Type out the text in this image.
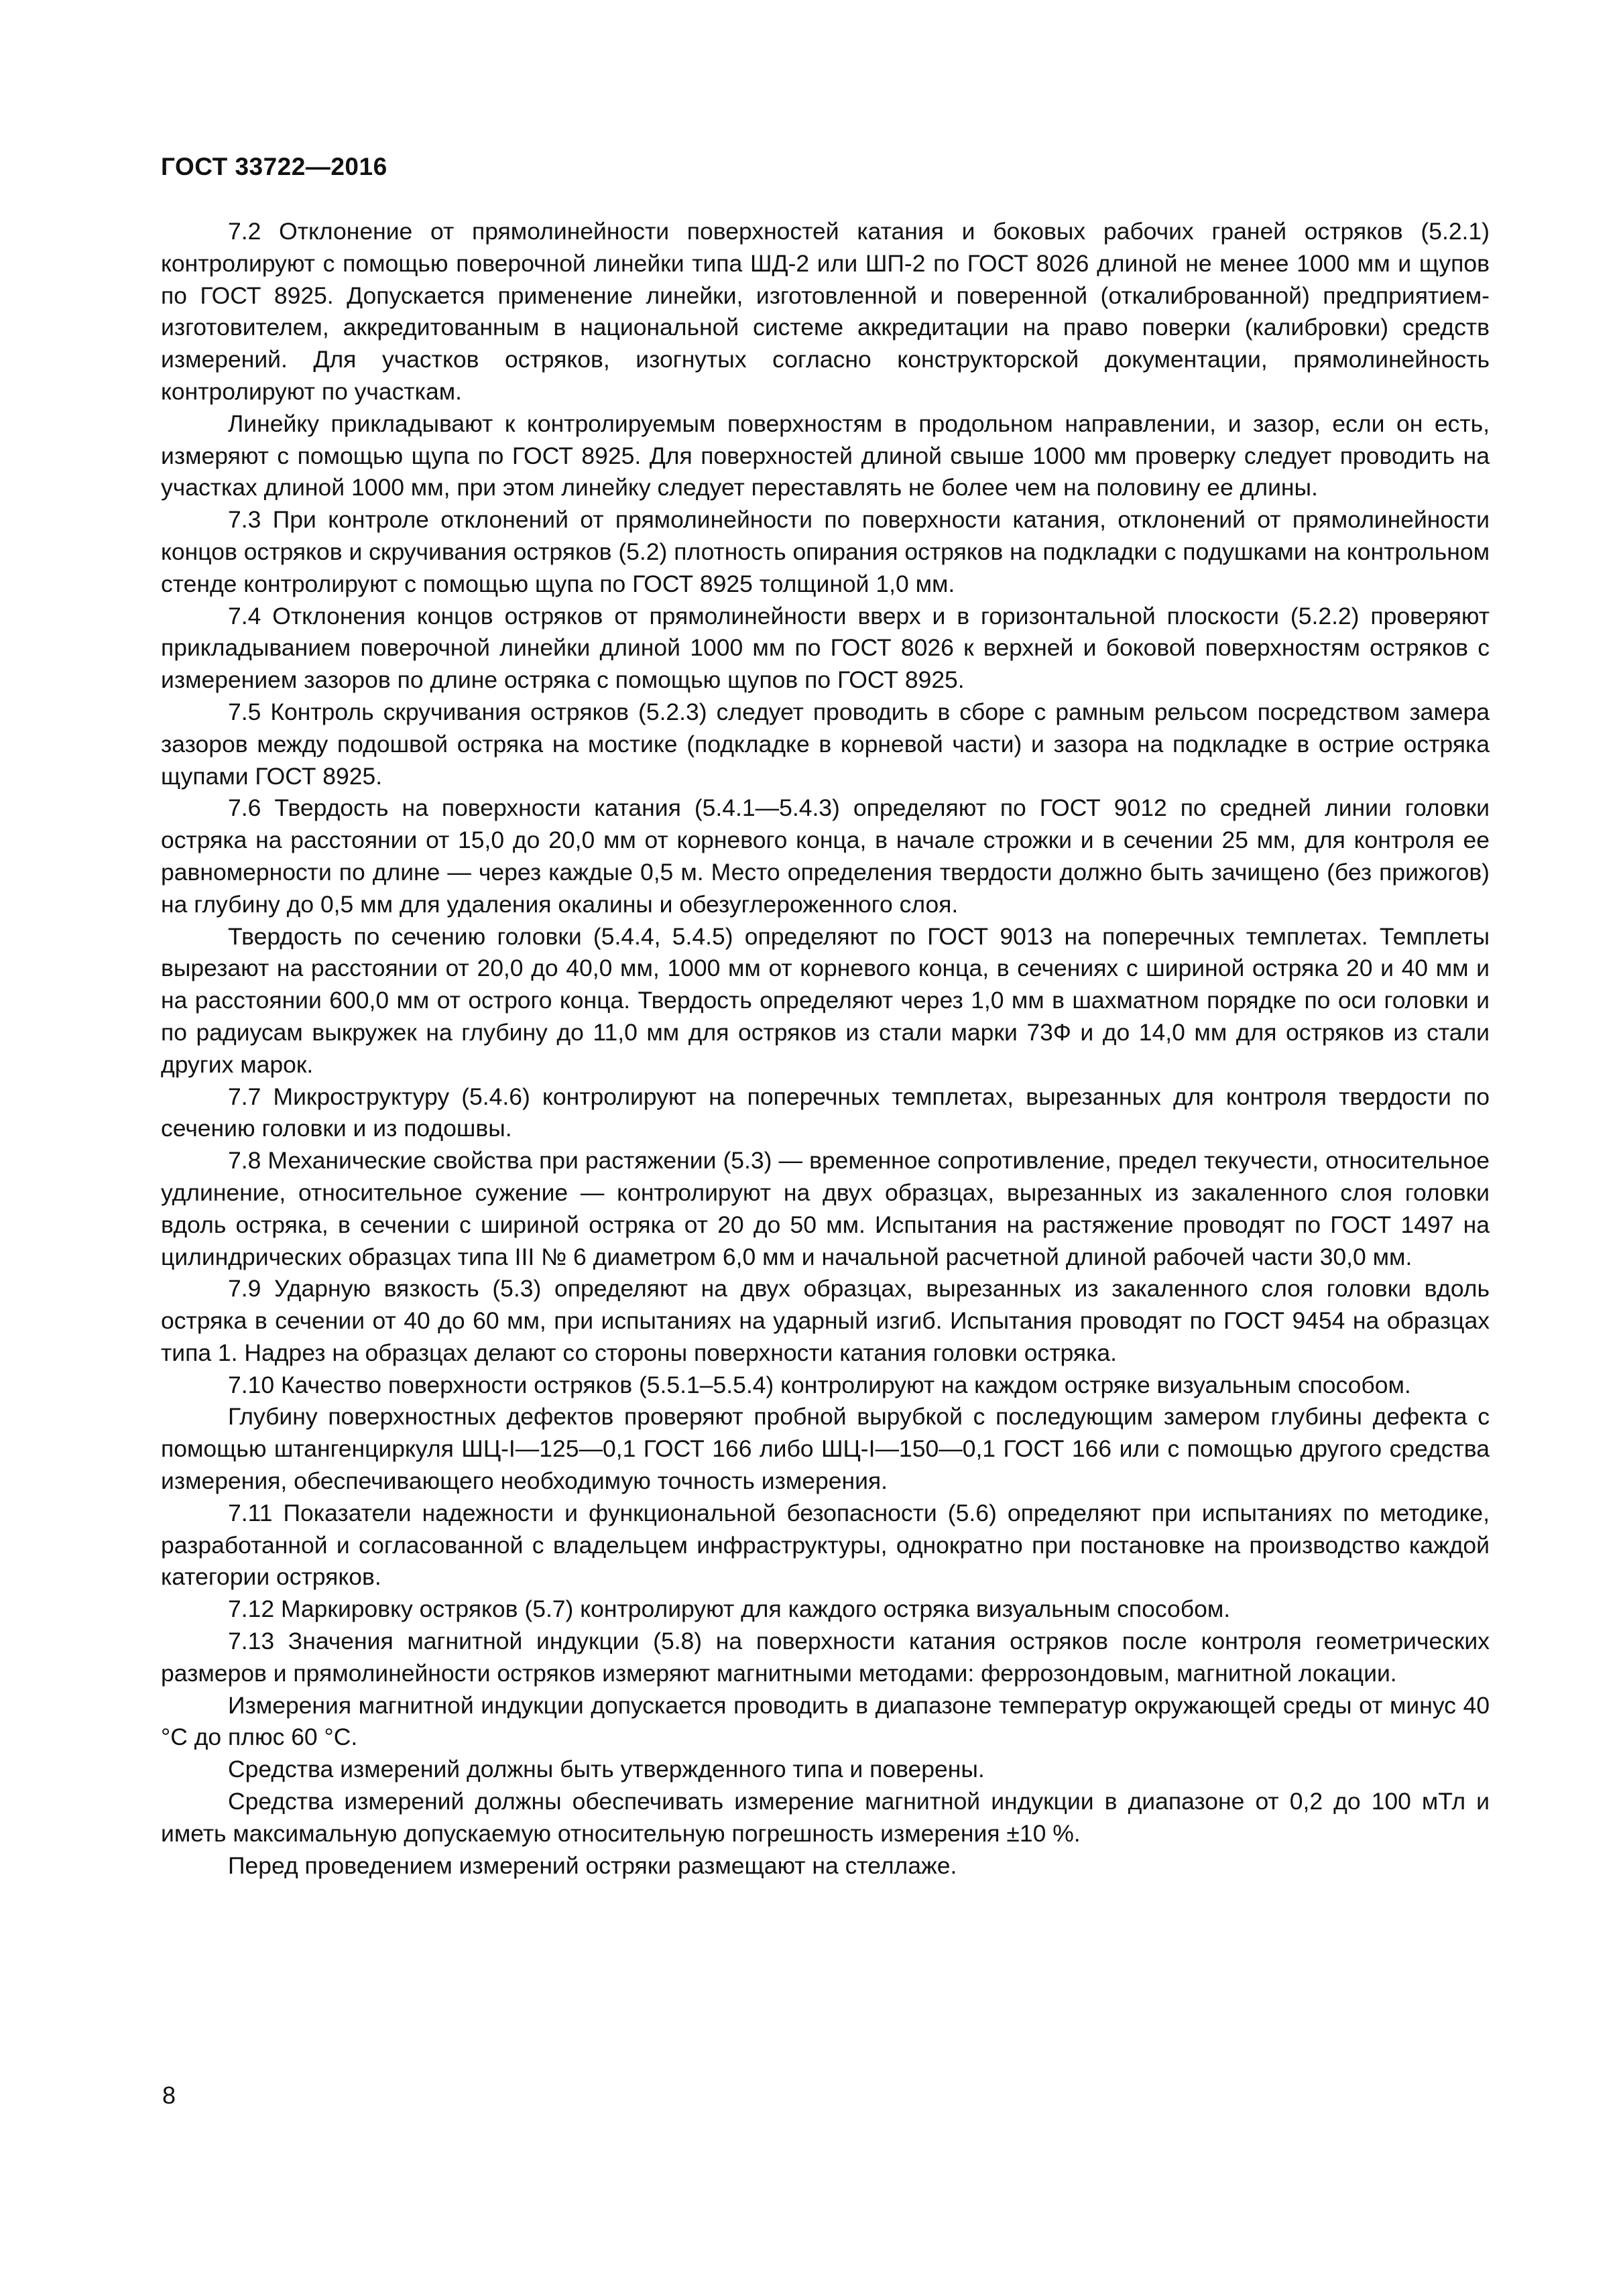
ГОСТ 33722—2016

7.2 Отклонение от прямолинейности поверхностей катания и боковых рабочих граней остряков (5.2.1) контролируют с помощью поверочной линейки типа ШД-2 или ШП-2 по ГОСТ 8026 длиной не менее 1000 мм и щупов по ГОСТ 8925. Допускается применение линейки, изготовленной и поверенной (откалиброванной) предприятием-изготовителем, аккредитованным в национальной системе аккредитации на право поверки (калибровки) средств измерений. Для участков остряков, изогнутых согласно конструкторской документации, прямолинейность контролируют по участкам.

Линейку прикладывают к контролируемым поверхностям в продольном направлении, и зазор, если он есть, измеряют с помощью щупа по ГОСТ 8925. Для поверхностей длиной свыше 1000 мм проверку следует проводить на участках длиной 1000 мм, при этом линейку следует переставлять не более чем на половину ее длины.

7.3 При контроле отклонений от прямолинейности по поверхности катания, отклонений от прямолинейности концов остряков и скручивания остряков (5.2) плотность опирания остряков на подкладки с подушками на контрольном стенде контролируют с помощью щупа по ГОСТ 8925 толщиной 1,0 мм.

7.4 Отклонения концов остряков от прямолинейности вверх и в горизонтальной плоскости (5.2.2) проверяют прикладыванием поверочной линейки длиной 1000 мм по ГОСТ 8026 к верхней и боковой поверхностям остряков с измерением зазоров по длине остряка с помощью щупов по ГОСТ 8925.

7.5 Контроль скручивания остряков (5.2.3) следует проводить в сборе с рамным рельсом посредством замера зазоров между подошвой остряка на мостике (подкладке в корневой части) и зазора на подкладке в острие остряка щупами ГОСТ 8925.

7.6 Твердость на поверхности катания (5.4.1—5.4.3) определяют по ГОСТ 9012 по средней линии головки остряка на расстоянии от 15,0 до 20,0 мм от корневого конца, в начале строжки и в сечении 25 мм, для контроля ее равномерности по длине — через каждые 0,5 м. Место определения твердости должно быть зачищено (без прижогов) на глубину до 0,5 мм для удаления окалины и обезуглероженного слоя.

Твердость по сечению головки (5.4.4, 5.4.5) определяют по ГОСТ 9013 на поперечных темплетах. Темплеты вырезают на расстоянии от 20,0 до 40,0 мм, 1000 мм от корневого конца, в сечениях с шириной остряка 20 и 40 мм и на расстоянии 600,0 мм от острого конца. Твердость определяют через 1,0 мм в шахматном порядке по оси головки и по радиусам выкружек на глубину до 11,0 мм для остряков из стали марки 73Ф и до 14,0 мм для остряков из стали других марок.

7.7 Микроструктуру (5.4.6) контролируют на поперечных темплетах, вырезанных для контроля твердости по сечению головки и из подошвы.

7.8 Механические свойства при растяжении (5.3) — временное сопротивление, предел текучести, относительное удлинение, относительное сужение — контролируют на двух образцах, вырезанных из закаленного слоя головки вдоль остряка, в сечении с шириной остряка от 20 до 50 мм. Испытания на растяжение проводят по ГОСТ 1497 на цилиндрических образцах типа III № 6 диаметром 6,0 мм и начальной расчетной длиной рабочей части 30,0 мм.

7.9 Ударную вязкость (5.3) определяют на двух образцах, вырезанных из закаленного слоя головки вдоль остряка в сечении от 40 до 60 мм, при испытаниях на ударный изгиб. Испытания проводят по ГОСТ 9454 на образцах типа 1. Надрез на образцах делают со стороны поверхности катания головки остряка.

7.10 Качество поверхности остряков (5.5.1–5.5.4) контролируют на каждом остряке визуальным способом.

Глубину поверхностных дефектов проверяют пробной вырубкой с последующим замером глубины дефекта с помощью штангенциркуля ШЦ-I—125—0,1 ГОСТ 166 либо ШЦ-I—150—0,1 ГОСТ 166 или с помощью другого средства измерения, обеспечивающего необходимую точность измерения.

7.11 Показатели надежности и функциональной безопасности (5.6) определяют при испытаниях по методике, разработанной и согласованной с владельцем инфраструктуры, однократно при постановке на производство каждой категории остряков.

7.12 Маркировку остряков (5.7) контролируют для каждого остряка визуальным способом.

7.13 Значения магнитной индукции (5.8) на поверхности катания остряков после контроля геометрических размеров и прямолинейности остряков измеряют магнитными методами: феррозондовым, магнитной локации.

Измерения магнитной индукции допускается проводить в диапазоне температур окружающей среды от минус 40 °С до плюс 60 °С.

Средства измерений должны быть утвержденного типа и поверены.

Средства измерений должны обеспечивать измерение магнитной индукции в диапазоне от 0,2 до 100 мТл и иметь максимальную допускаемую относительную погрешность измерения ±10 %.

Перед проведением измерений остряки размещают на стеллаже.

8
